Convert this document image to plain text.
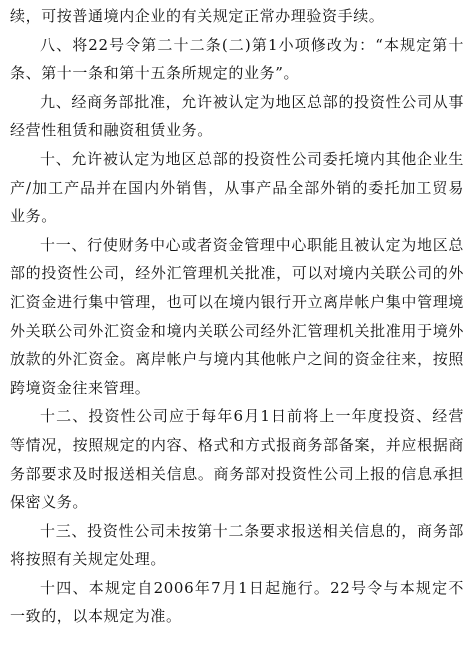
续，可按普通境内企业的有关规定正常办理验资手续。

八、将22号令第二十二条(二)第1小项修改为：“本规定第十条、第十一条和第十五条所规定的业务”。

九、经商务部批准，允许被认定为地区总部的投资性公司从事经营性租赁和融资租赁业务。

十、允许被认定为地区总部的投资性公司委托境内其他企业生产/加工产品并在国内外销售，从事产品全部外销的委托加工贸易业务。

十一、行使财务中心或者资金管理中心职能且被认定为地区总部的投资性公司，经外汇管理机关批准，可以对境内关联公司的外汇资金进行集中管理，也可以在境内银行开立离岸帐户集中管理境外关联公司外汇资金和境内关联公司经外汇管理机关批准用于境外放款的外汇资金。离岸帐户与境内其他帐户之间的资金往来，按照跨境资金往来管理。

十二、投资性公司应于每年6月1日前将上一年度投资、经营等情况，按照规定的内容、格式和方式报商务部备案，并应根据商务部要求及时报送相关信息。商务部对投资性公司上报的信息承担保密义务。

十三、投资性公司未按第十二条要求报送相关信息的，商务部将按照有关规定处理。

十四、本规定自2006年7月1日起施行。22号令与本规定不一致的，以本规定为准。
